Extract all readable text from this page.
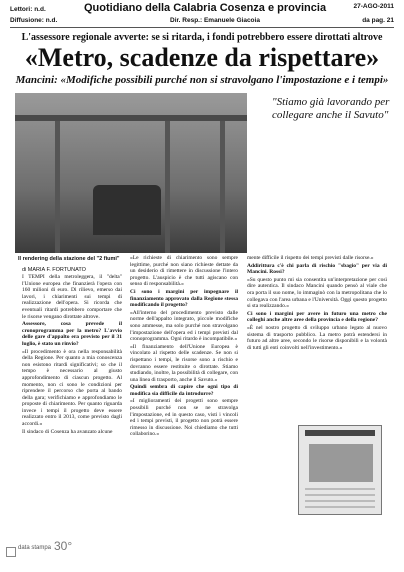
Lettori: n.d.
Diffusione: n.d.
Quotidiano della Calabria Cosenza e provincia	27-AGO-2011
Dir. Resp.: Emanuele Giacoia	da pag. 21
L'assessore regionale avverte: se si ritarda, i fondi potrebbero essere dirottati altrove
«Metro, scadenze da rispettare»
Mancini: «Modifiche possibili purché non si stravolgano l'impostazione e i tempi»
Il rendering della stazione del "2 fiumi"
"Stiamo già lavorando per collegare anche il Savuto"
di MARIA F. FORTUNATO

I TEMPI della metroleggera, il "delta" l'Unione europea che finanzierà l'opera con 160 milioni di euro. Di rilievo, emerso dai lavori, i chiarimenti sui tempi di realizzazione dell'opera. Si ricorda che eventuali ritardi potrebbero comportare che le risorse vengano dirottate altrove.

Assessore, cosa prevede il cronoprogramma per la metro? L'avvio delle gare d'appalto era previsto per il 31 luglio, è stato un rinvio?

«Il procedimento è ora nella responsabilità della Regione. Per quanto a mia conoscenza non esistono ritardi significativi; so che il tempo è necessario al giusto approfondimento di ciascun progetto. Al momento, non ci sono le condizioni per riprendere il percorso che porta al bando della gara; verifichiamo e approfondiamo le proposte di chiarimento. Per quanto riguarda invece i tempi il progetto deve essere realizzato entro il 2013, come previsto dagli accordi.»

Il sindaco di Cosenza ha avanzato alcune

«Le richieste di chiarimento sono sempre legittime, purché non siano richieste dettate da un desiderio di rimettere in discussione l'intero progetto. L'auspicio è che tutti agiscano con senso di responsabilità.»

Ci sono i margini per impegnare il finanziamento approvato dalla Regione stessa modificando il progetto?

«All'interno del procedimento previsto dalle norme dell'appalto integrato, piccole modifiche sono ammesse, ma solo purché non stravolgano l'impostazione dell'opera ed i tempi previsti dal cronoprogramma. Ogni ritardo è incompatibile.»

«Il finanziamento dell'Unione Europea è vincolato al rispetto delle scadenze. Se non si rispettano i tempi, le risorse sono a rischio e dovranno essere restituite o dirottate. Stiamo studiando, inoltre, la possibilità di collegare, con una linea di trasporto, anche il Savuto.»

Quindi sembra di capire che ogni tipo di modifica sia difficile da introdurre?

«I miglioramenti dei progetti sono sempre possibili purché non se ne stravolga l'impostazione, ed in questo caso, visti i vincoli ed i tempi previsti, il progetto non potrà essere rimesso in discussione. Noi chiediamo che tutti collaborino.»

mente difficile il rispetto dei tempi previsti dalle risorse.»

Addirittura c'è chi parla di rischio "sbagio" per via di Mancini. Rossi?

«Su questo punto mi sia consentita un'interpretazione per così dire autentica. Il sindaco Mancini quando pensò al viale che ora porta il suo nome, lo immaginò con la metropolitana che lo collegava con l'area urbana e l'Università. Oggi questo progetto si sta realizzando.»

Ci sono i margini per avere in futuro una metro che colleghi anche altre aree della provincia e della regione?

«È nel nostro progetto di sviluppo urbano legato al nuovo sistema di trasporto pubblico. La metro potrà estendersi in futuro ad altre aree, secondo le risorse disponibili e la volontà di tutti gli enti coinvolti nell'investimento.»

data stampa 30°
